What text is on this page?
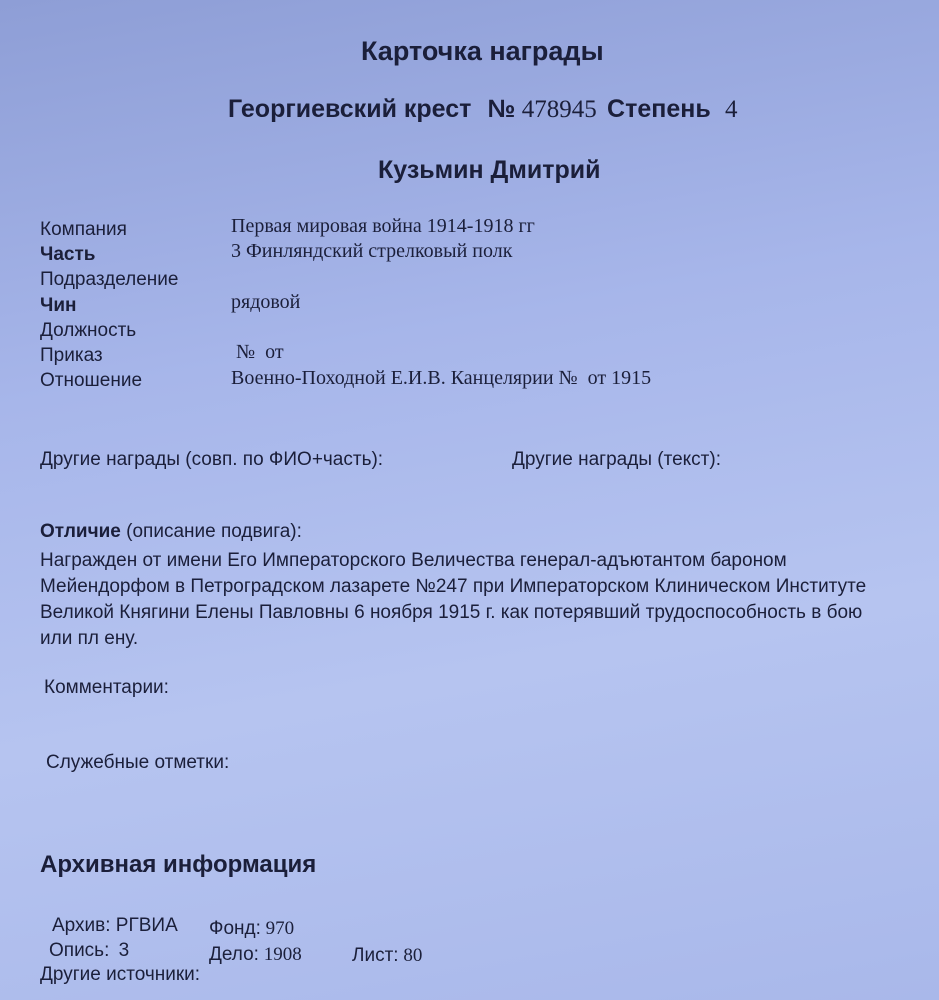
Карточка награды
Георгиевский крест № 478945 Степень 4
Кузьмин Дмитрий
Компания	Первая мировая война 1914-1918 гг
Часть	3 Финляндский стрелковый полк
Подразделение
Чин	рядовой
Должность
Приказ	№  от
Отношение	Военно-Походной Е.И.В. Канцелярии №  от 1915
Другие награды (совп. по ФИО+часть):	Другие награды (текст):
Отличие (описание подвига):
Награжден от имени Его Императорского Величества генерал-адъютантом бароном
Мейендорфом в Петроградском лазарете №247 при Императорском Клиническом Институте
Великой Княгини Елены Павловны 6 ноября 1915 г. как потерявший трудоспособность в бою
или пл ену.
Комментарии:
Служебные отметки:
Архивная информация
Архив: РГВИА Фонд: 970
Опись: 3	Дело: 1908	Лист: 80
Другие источники:
